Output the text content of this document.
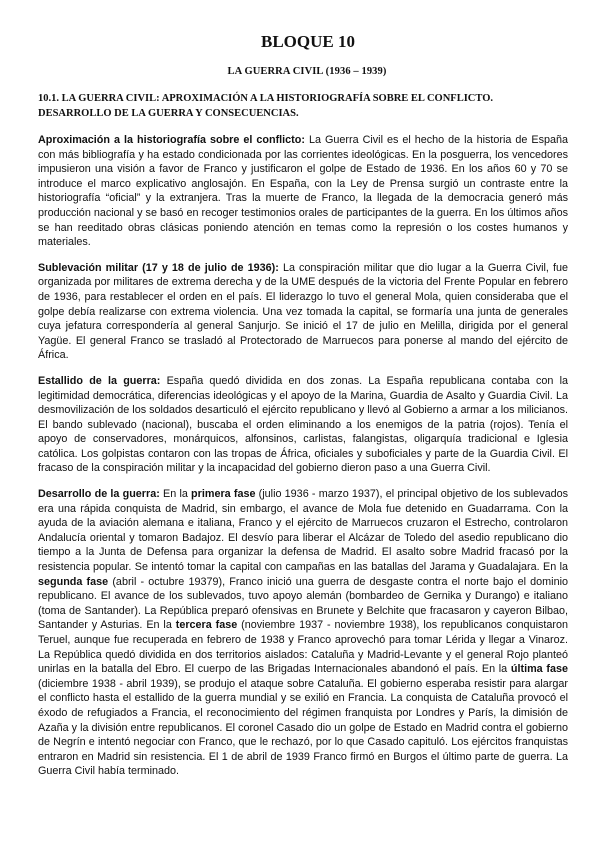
BLOQUE 10
LA GUERRA CIVIL (1936 – 1939)
10.1. LA GUERRA CIVIL: APROXIMACIÓN A LA HISTORIOGRAFÍA SOBRE EL CONFLICTO. DESARROLLO DE LA GUERRA Y CONSECUENCIAS.

Aproximación a la historiografía sobre el conflicto: La Guerra Civil es el hecho de la historia de España con más bibliografía y ha estado condicionada por las corrientes ideológicas. En la posguerra, los vencedores impusieron una visión a favor de Franco y justificaron el golpe de Estado de 1936. En los años 60 y 70 se introduce el marco explicativo anglosajón. En España, con la Ley de Prensa surgió un contraste entre la historiografía “oficial” y la extranjera. Tras la muerte de Franco, la llegada de la democracia generó más producción nacional y se basó en recoger testimonios orales de participantes de la guerra. En los últimos años se han reeditado obras clásicas poniendo atención en temas como la represión o los costes humanos y materiales.

Sublevación militar (17 y 18 de julio de 1936): La conspiración militar que dio lugar a la Guerra Civil, fue organizada por militares de extrema derecha y de la UME después de la victoria del Frente Popular en febrero de 1936, para restablecer el orden en el país. El liderazgo lo tuvo el general Mola, quien consideraba que el golpe debía realizarse con extrema violencia. Una vez tomada la capital, se formaría una junta de generales cuya jefatura correspondería al general Sanjurjo. Se inició el 17 de julio en Melilla, dirigida por el general Yagüe. El general Franco se trasladó al Protectorado de Marruecos para ponerse al mando del ejército de África.

Estallido de la guerra: España quedó dividida en dos zonas. La España republicana contaba con la legitimidad democrática, diferencias ideológicas y el apoyo de la Marina, Guardia de Asalto y Guardia Civil. La desmovilización de los soldados desarticuló el ejército republicano y llevó al Gobierno a armar a los milicianos. El bando sublevado (nacional), buscaba el orden eliminando a los enemigos de la patria (rojos). Tenía el apoyo de conservadores, monárquicos, alfonsinos, carlistas, falangistas, oligarquía tradicional e Iglesia católica. Los golpistas contaron con las tropas de África, oficiales y suboficiales y parte de la Guardia Civil. El fracaso de la conspiración militar y la incapacidad del gobierno dieron paso a una Guerra Civil.

Desarrollo de la guerra: En la primera fase (julio 1936 - marzo 1937), el principal objetivo de los sublevados era una rápida conquista de Madrid, sin embargo, el avance de Mola fue detenido en Guadarrama. Con la ayuda de la aviación alemana e italiana, Franco y el ejército de Marruecos cruzaron el Estrecho, controlaron Andalucía oriental y tomaron Badajoz. El desvío para liberar el Alcázar de Toledo del asedio republicano dio tiempo a la Junta de Defensa para organizar la defensa de Madrid. El asalto sobre Madrid fracasó por la resistencia popular. Se intentó tomar la capital con campañas en las batallas del Jarama y Guadalajara. En la segunda fase (abril - octubre 19379), Franco inició una guerra de desgaste contra el norte bajo el dominio republicano. El avance de los sublevados, tuvo apoyo alemán (bombardeo de Gernika y Durango) e italiano (toma de Santander). La República preparó ofensivas en Brunete y Belchite que fracasaron y cayeron Bilbao, Santander y Asturias. En la tercera fase (noviembre 1937 - noviembre 1938), los republicanos conquistaron Teruel, aunque fue recuperada en febrero de 1938 y Franco aprovechó para tomar Lérida y llegar a Vinaroz. La República quedó dividida en dos territorios aislados: Cataluña y Madrid-Levante y el general Rojo planteó unirlas en la batalla del Ebro. El cuerpo de las Brigadas Internacionales abandonó el país. En la última fase (diciembre 1938 - abril 1939), se produjo el ataque sobre Cataluña. El gobierno esperaba resistir para alargar el conflicto hasta el estallido de la guerra mundial y se exilió en Francia. La conquista de Cataluña provocó el éxodo de refugiados a Francia, el reconocimiento del régimen franquista por Londres y París, la dimisión de Azaña y la división entre republicanos. El coronel Casado dio un golpe de Estado en Madrid contra el gobierno de Negrín e intentó negociar con Franco, que le rechazó, por lo que Casado capituló. Los ejércitos franquistas entraron en Madrid sin resistencia. El 1 de abril de 1939 Franco firmó en Burgos el último parte de guerra. La Guerra Civil había terminado.
